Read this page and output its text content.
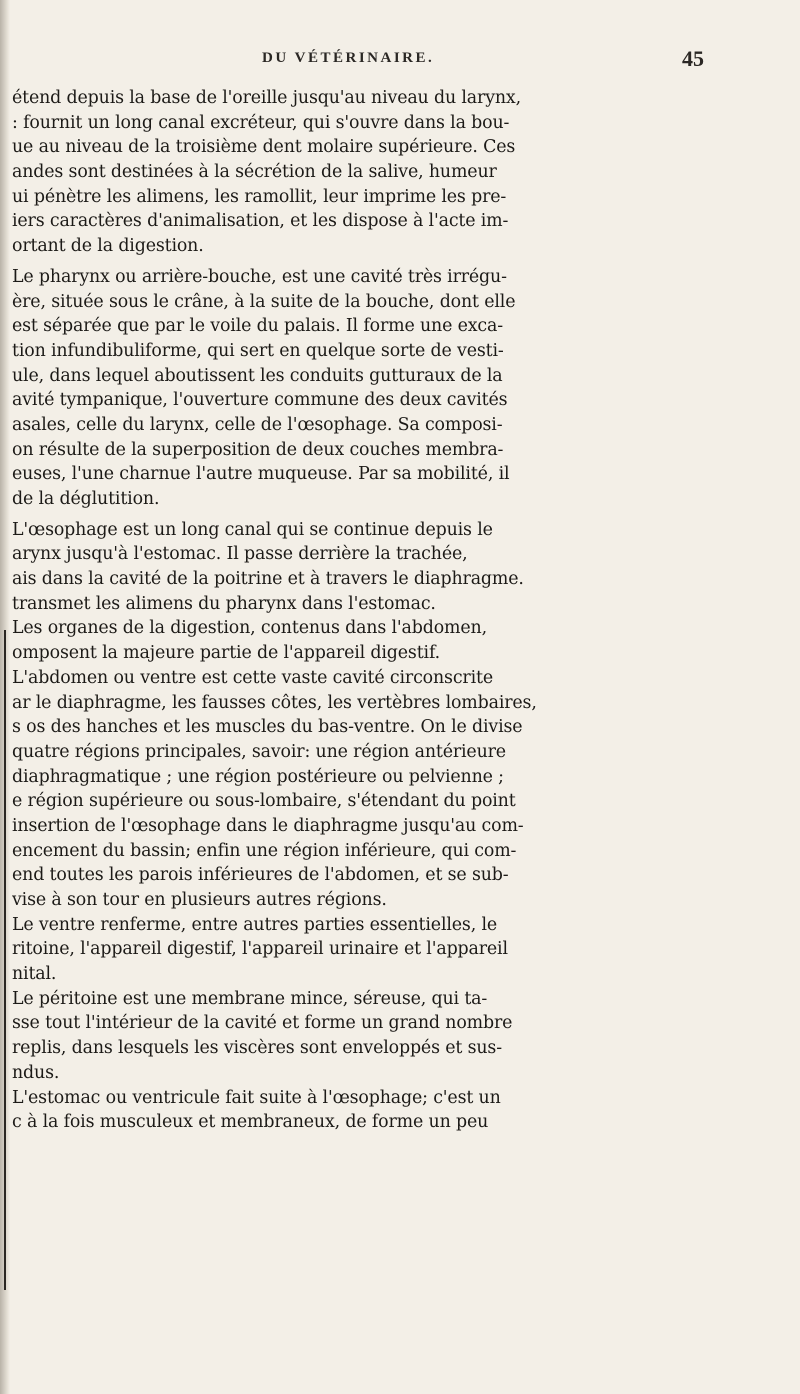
DU VÉTÉRINAIRE.	45
étend depuis la base de l'oreille jusqu'au niveau du larynx,
: fournit un long canal excréteur, qui s'ouvre dans la bou-
ue au niveau de la troisième dent molaire supérieure. Ces
andes sont destinées à la sécrétion de la salive, humeur
ui pénètre les alimens, les ramollit, leur imprime les pre-
iers caractères d'animalisation, et les dispose à l'acte im-
ortant de la digestion.
Le pharynx ou arrière-bouche, est une cavité très irrégu-
ère, située sous le crâne, à la suite de la bouche, dont elle
est séparée que par le voile du palais. Il forme une exca-
tion infundibuliforme, qui sert en quelque sorte de vesti-
ule, dans lequel aboutissent les conduits gutturaux de la
avité tympanique, l'ouverture commune des deux cavités
asales, celle du larynx, celle de l'œsophage. Sa composi-
on résulte de la superposition de deux couches membra-
euses, l'une charnue l'autre muqueuse. Par sa mobilité, il
de la déglutition.
L'œsophage est un long canal qui se continue depuis le
arynx jusqu'à l'estomac. Il passe derrière la trachée,
ais dans la cavité de la poitrine et à travers le diaphragme.
transmet les alimens du pharynx dans l'estomac.
Les organes de la digestion, contenus dans l'abdomen,
omposent la majeure partie de l'appareil digestif.
L'abdomen ou ventre est cette vaste cavité circonscrite
ar le diaphragme, les fausses côtes, les vertèbres lombaires,
s os des hanches et les muscles du bas-ventre. On le divise
quatre régions principales, savoir: une région antérieure
diaphragmatique ; une région postérieure ou pelvienne ;
e région supérieure ou sous-lombaire, s'étendant du point
insertion de l'œsophage dans le diaphragme jusqu'au com-
encement du bassin; enfin une région inférieure, qui com-
end toutes les parois inférieures de l'abdomen, et se sub-
vise à son tour en plusieurs autres régions.
Le ventre renferme, entre autres parties essentielles, le
ritoine, l'appareil digestif, l'appareil urinaire et l'appareil
nital.
Le péritoine est une membrane mince, séreuse, qui ta-
sse tout l'intérieur de la cavité et forme un grand nombre
replis, dans lesquels les viscères sont enveloppés et sus-
ndus.
L'estomac ou ventricule fait suite à l'œsophage; c'est un
c à la fois musculeux et membraneux, de forme un peu
